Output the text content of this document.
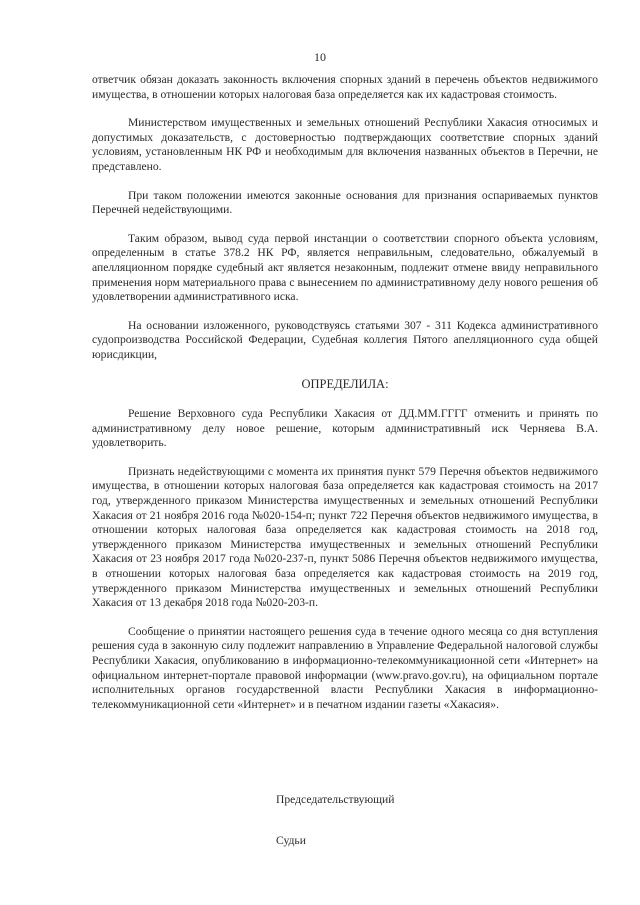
10

ответчик обязан доказать законность включения спорных зданий в перечень объектов недвижимого имущества, в отношении которых налоговая база определяется как их кадастровая стоимость.

Министерством имущественных и земельных отношений Республики Хакасия относимых и допустимых доказательств, с достоверностью подтверждающих соответствие спорных зданий условиям, установленным НК РФ и необходимым для включения названных объектов в Перечни, не представлено.

При таком положении имеются законные основания для признания оспариваемых пунктов Перечней недействующими.

Таким образом, вывод суда первой инстанции о соответствии спорного объекта условиям, определенным в статье 378.2 НК РФ, является неправильным, следовательно, обжалуемый в апелляционном порядке судебный акт является незаконным, подлежит отмене ввиду неправильного применения норм материального права с вынесением по административному делу нового решения об удовлетворении административного иска.

На основании изложенного, руководствуясь статьями 307 - 311 Кодекса административного судопроизводства Российской Федерации, Судебная коллегия Пятого апелляционного суда общей юрисдикции,

ОПРЕДЕЛИЛА:

Решение Верховного суда Республики Хакасия от ДД.ММ.ГГГГ отменить и принять по административному делу новое решение, которым административный иск Черняева В.А. удовлетворить.

Признать недействующими с момента их принятия пункт 579 Перечня объектов недвижимого имущества, в отношении которых налоговая база определяется как кадастровая стоимость на 2017 год, утвержденного приказом Министерства имущественных и земельных отношений Республики Хакасия от 21 ноября 2016 года №020-154-п; пункт 722 Перечня объектов недвижимого имущества, в отношении которых налоговая база определяется как кадастровая стоимость на 2018 год, утвержденного приказом Министерства имущественных и земельных отношений Республики Хакасия от 23 ноября 2017 года №020-237-п, пункт 5086 Перечня объектов недвижимого имущества, в отношении которых налоговая база определяется как кадастровая стоимость на 2019 год, утвержденного приказом Министерства имущественных и земельных отношений Республики Хакасия от 13 декабря 2018 года №020-203-п.

Сообщение о принятии настоящего решения суда в течение одного месяца со дня вступления решения суда в законную силу подлежит направлению в Управление Федеральной налоговой службы Республики Хакасия, опубликованию в информационно-телекоммуникационной сети «Интернет» на официальном интернет-портале правовой информации (www.pravo.gov.ru), на официальном портале исполнительных органов государственной власти Республики Хакасия в информационно-телекоммуникационной сети «Интернет» и в печатном издании газеты «Хакасия».

Председательствующий
Судьи
